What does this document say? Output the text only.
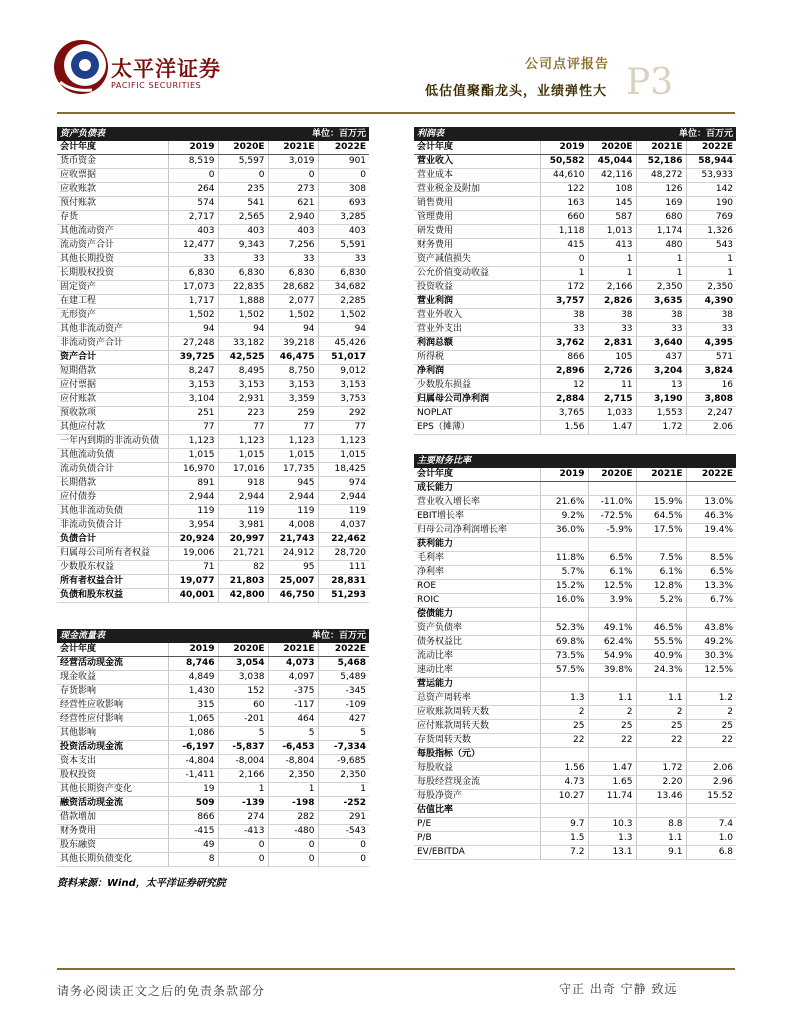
太平洋证券
PACIFIC SECURITIES
公司点评报告
低估值聚酯龙头，业绩弹性大 P3
资产负债表		单位：百万元		
会计年度	2019	2020E	2021E	2022E
货币资金	8,519	5,597	3,019	901
应收票据	0	0	0	0
应收账款	264	235	273	308
预付账款	574	541	621	693
存货	2,717	2,565	2,940	3,285
其他流动资产	403	403	403	403
流动资产合计	12,477	9,343	7,256	5,591
其他长期投资	33	33	33	33
长期股权投资	6,830	6,830	6,830	6,830
固定资产	17,073	22,835	28,682	34,682
在建工程	1,717	1,888	2,077	2,285
无形资产	1,502	1,502	1,502	1,502
其他非流动资产	94	94	94	94
非流动资产合计	27,248	33,182	39,218	45,426
资产合计	39,725	42,525	46,475	51,017
短期借款	8,247	8,495	8,750	9,012
应付票据	3,153	3,153	3,153	3,153
应付账款	3,104	2,931	3,359	3,753
预收款项	251	223	259	292
其他应付款	77	77	77	77
一年内到期的非流动负债	1,123	1,123	1,123	1,123
其他流动负债	1,015	1,015	1,015	1,015
流动负债合计	16,970	17,016	17,735	18,425
长期借款	891	918	945	974
应付债券	2,944	2,944	2,944	2,944
其他非流动负债	119	119	119	119
非流动负债合计	3,954	3,981	4,008	4,037
负债合计	20,924	20,997	21,743	22,462
归属母公司所有者权益	19,006	21,721	24,912	28,720
少数股东权益	71	82	95	111
所有者权益合计	19,077	21,803	25,007	28,831
负债和股东权益	40,001	42,800	46,750	51,293
现金流量表		单位：百万元		
会计年度	2019	2020E	2021E	2022E
经营活动现金流	8,746	3,054	4,073	5,468
现金收益	4,849	3,038	4,097	5,489
存货影响	1,430	152	-375	-345
经营性应收影响	315	60	-117	-109
经营性应付影响	1,065	-201	464	427
其他影响	1,086	5	5	5
投资活动现金流	-6,197	-5,837	-6,453	-7,334
资本支出	-4,804	-8,004	-8,804	-9,685
股权投资	-1,411	2,166	2,350	2,350
其他长期资产变化	19	1	1	1
融资活动现金流	509	-139	-198	-252
借款增加	866	274	282	291
财务费用	-415	-413	-480	-543
股东融资	49	0	0	0
其他长期负债变化	8	0	0	0
利润表		单位：百万元		
会计年度	2019	2020E	2021E	2022E
营业收入	50,582	45,044	52,186	58,944
营业成本	44,610	42,116	48,272	53,933
营业税金及附加	122	108	126	142
销售费用	163	145	169	190
管理费用	660	587	680	769
研发费用	1,118	1,013	1,174	1,326
财务费用	415	413	480	543
资产减值损失	0	1	1	1
公允价值变动收益	1	1	1	1
投资收益	172	2,166	2,350	2,350
营业利润	3,757	2,826	3,635	4,390
营业外收入	38	38	38	38
营业外支出	33	33	33	33
利润总额	3,762	2,831	3,640	4,395
所得税	866	105	437	571
净利润	2,896	2,726	3,204	3,824
少数股东损益	12	11	13	16
归属母公司净利润	2,884	2,715	3,190	3,808
NOPLAT	3,765	1,033	1,553	2,247
EPS（摊薄）	1.56	1.47	1.72	2.06
主要财务比率				
会计年度	2019	2020E	2021E	2022E
成长能力				
营业收入增长率	21.6%	-11.0%	15.9%	13.0%
EBIT增长率	9.2%	-72.5%	64.5%	46.3%
归母公司净利润增长率	36.0%	-5.9%	17.5%	19.4%
获利能力				
毛利率	11.8%	6.5%	7.5%	8.5%
净利率	5.7%	6.1%	6.1%	6.5%
ROE	15.2%	12.5%	12.8%	13.3%
ROIC	16.0%	3.9%	5.2%	6.7%
偿债能力				
资产负债率	52.3%	49.1%	46.5%	43.8%
债务权益比	69.8%	62.4%	55.5%	49.2%
流动比率	73.5%	54.9%	40.9%	30.3%
速动比率	57.5%	39.8%	24.3%	12.5%
营运能力				
总资产周转率	1.3	1.1	1.1	1.2
应收账款周转天数	2	2	2	2
应付账款周转天数	25	25	25	25
存货周转天数	22	22	22	22
每股指标（元）				
每股收益	1.56	1.47	1.72	2.06
每股经营现金流	4.73	1.65	2.20	2.96
每股净资产	10.27	11.74	13.46	15.52
估值比率				
P/E	9.7	10.3	8.8	7.4
P/B	1.5	1.3	1.1	1.0
EV/EBITDA	7.2	13.1	9.1	6.8
资料来源：Wind，太平洋证券研究院
请务必阅读正文之后的免责条款部分	守正 出奇 宁静 致远
